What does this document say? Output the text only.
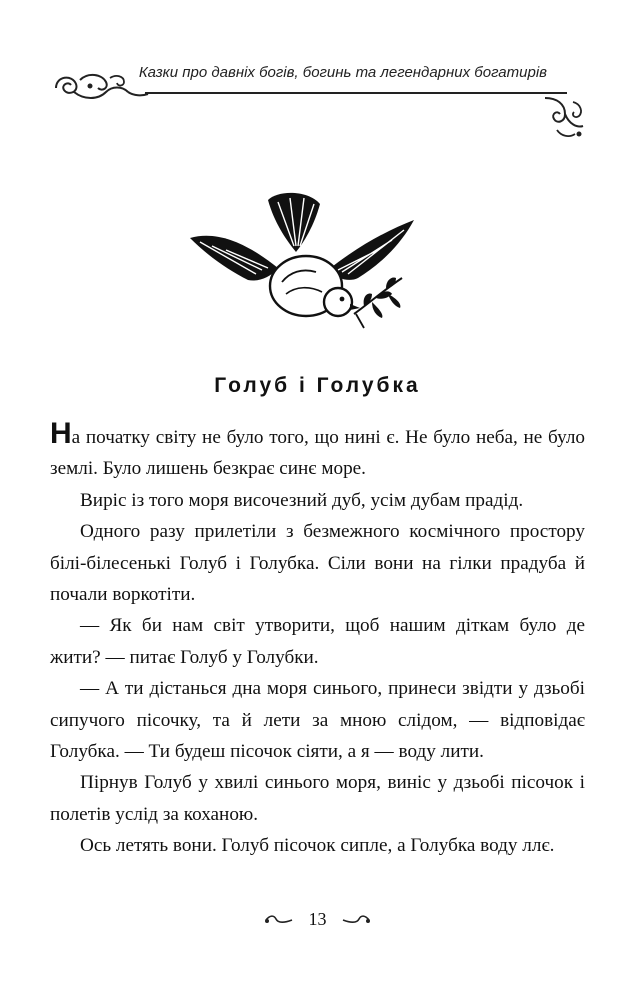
Казки про давніх богів, богинь та легендарних богатирів
Голуб і Голубка

На початку світу не було того, що нині є. Не було неба, не було землі. Було лишень безкрає синє море.

Виріс із того моря височезний дуб, усім дубам прадід.

Одного разу прилетіли з безмежного космічного простору білі-білесенькі Голуб і Голубка. Сіли вони на гілки прадуба й почали воркотіти.

— Як би нам світ утворити, щоб нашим діткам було де жити? — питає Голуб у Голубки.

— А ти дістанься дна моря синього, принеси звідти у дзьобі сипучого пісочку, та й лети за мною слідом, — відповідає Голубка. — Ти будеш пісочок сіяти, а я — воду лити.

Пірнув Голуб у хвилі синього моря, виніс у дзьобі пісочок і полетів услід за коханою.

Ось летять вони. Голуб пісочок сипле, а Голубка воду ллє.

13
